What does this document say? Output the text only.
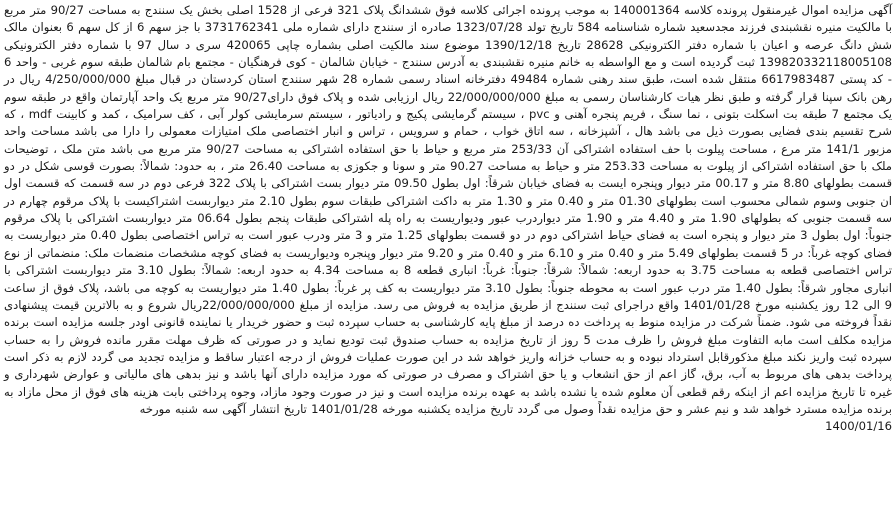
آگهی مزایده اموال غیرمنقول پرونده کلاسه 140001364 به موجب پرونده اجرائی کلاسه فوق ششدانگ پلاک 321 فرعی از 1528 اصلی بخش یک سنندج به مساحت 90/27 متر مربع با مالکیت منیره نقشبندی فرزند مجدسعید شماره شناسنامه 584 تاریخ تولد 1323/07/28 صادره از سنندج دارای شماره ملی 3731762341 با جز سهم 6 از کل سهم 6 بعنوان مالک شش دانگ عرصه و اعیان با شماره دفتر الکترونیکی 28628 تاریخ 1390/12/18 موضوع سند مالکیت اصلی بشماره چاپی 420065 سری د سال 97 با شماره دفتر الکترونیکی 139820332118005108 ثبت گردیده است و مع الواسطه به خانم منیره نقشبندی به آدرس سنندج - خیابان شالمان - کوی فرهنگیان - مجتمع بام شالمان طبقه سوم غربی - واحد 6 - کد پستی 6617983487 منتقل شده است، طبق سند رهنی شماره 49484 دفترخانه اسناد رسمی شماره 28 شهر سنندج استان کردستان در قبال مبلغ 4/250/000/000 ریال در رهن بانک سپنا قرار گرفته و طبق نظر هیات کارشناسان رسمی به مبلغ 22/000/000/000 ریال ارزیابی شده و پلاک فوق دارای90/27 متر مربع یک واحد آپارتمان واقع در طبقه سوم یک مجتمع 7 طبقه بت اسکلت بتونی ، نما سنگ ، فریم پنجره آهنی و pvc ، سیستم گرمایشی پکیج و رادیاتور ، سیستم سرمایشی کولر آبی ، کف سرامیک ، کمد و کابینت mdf ، که شرح تقسیم بندی فضایی بصورت ذیل می باشد هال ، آشپزخانه ، سه اتاق خواب ، حمام و سرویس ، تراس و انبار اختصاصی ملک امتیازات معمولی را دارا می باشد مساحت واحد مزبور 141/1 متر مرع ، مساحت پیلوت با حف استفاده اشتراکی آن 253/33 متر مربع و حیاط با حق استفاده اشتراکی به مساحت 90/27 متر مربع می باشد متن ملک ، توضیحات ملک با حق استفاده اشتراکی از پیلوت به مساحت 253.33 متر و حیاط به مساحت 90.27 متر و سونا و جکوزی به مساحت 26.40 متر ، به حدود: شمالاً: بصورت قوسی شکل در دو قسمت بطولهای 8.80 متر و 00.17 متر دیوار وپنجره ایست به فضای خیابان شرقاً: اول بطول 09.50 متر دیوار بست اشتراکی با پلاک 322 فرعی دوم در سه قسمت که قسمت اول ان جنوبی وسوم شمالی محسوب است بطولهای 01.30 متر و 0.40 متر و 1.30 متر به داکت اشتراکی طبقات سوم بطول 2.10 متر دیواربست اشتراکیست با پلاک مرقوم چهارم در سه قسمت جنوبی که بطولهای 1.90 متر و 4.40 متر و 1.90 متر دیواردرب عبور ودیواریست به راه پله اشتراکی طبقات پنجم بطول 06.64 متر دیواربست اشتراکی با پلاک مرقوم جنوباً: اول بطول 3 متر دیوار و پنجره است به فضای حیاط اشتراکی دوم در دو قسمت بطولهای 1.25 متر و 3 متر ودرب عبور است به تراس اختصاصی بطول 0.40 متر دیواریست به فضای کوچه غرباً: در 5 قسمت بطولهای 5.49 متر و 0.40 متر و 6.10 متر و 0.40 متر و 9.20 متر دیوار وپنجره ودیواریست به فضای کوچه مشخصات منضمات ملک: منضماتی از نوع تراس اختصاصی قطعه به مساحت 3.75 به حدود اربعه: شمالاً: شرقاً: جنوباً: غرباً: انباری قطعه 8 به مساحت 4.34 به حدود اربعه: شمالاً: بطول 3.10 متر دیواربست اشتراکی با انباری مجاور شرقاً: بطول 1.40 متر درب عبور است به محوطه جنوباً: بطول 3.10 متر دیواریست به کف پر غرباً: بطول 1.40 متر دیواریست به کوچه می باشد، پلاک فوق از ساعت 9 الی 12 روز یکشنبه مورخ 1401/01/28 واقع دراجرای ثبت سنندج از طریق مزایده به فروش می رسد. مزایده از مبلغ 22/000/000/000ریال شروع و به بالاترین قیمت پیشنهادی نقداً فروخته می شود. ضمناً شرکت در مزایده منوط به پرداخت ده درصد از مبلغ پایه کارشناسی به حساب سپرده ثبت و حضور خریدار یا نماینده قانونی اودر جلسه مزایده است برنده مزایده مکلف است مابه التفاوت مبلغ فروش را ظرف مدت 5 روز از تاریخ مزایده به حساب صندوق ثبت تودیع نماید و در صورتی که ظرف مهلت مقرر مانده فروش را به حساب سپرده ثبت واریز نکند مبلغ مذکورقابل استرداد نبوده و به حساب خزانه واریز خواهد شد در این صورت عملیات فروش از درجه اعتبار ساقط و مزایده تجدید می گردد لازم به ذکر است پرداخت بدهی های مربوط به آب، برق، گاز اعم از حق انشعاب و یا حق اشتراک و مصرف در صورتی که مورد مزایده دارای آنها باشد و نیز بدهی های مالیاتی و عوارض شهرداری و غیره تا تاریخ مزایده اعم از اینکه رقم قطعی آن معلوم شده یا نشده باشد به عهده برنده مزایده است و نیز در صورت وجود مازاد، وجوه پرداختی بابت هزینه های فوق از محل مازاد به برنده مزایده مسترد خواهد شد و نیم عشر و حق مزایده نقداً وصول می گردد تاریخ مزایده یکشنبه مورخه 1401/01/28 تاریخ انتشار آگهی سه شنبه مورخه

1400/01/16
